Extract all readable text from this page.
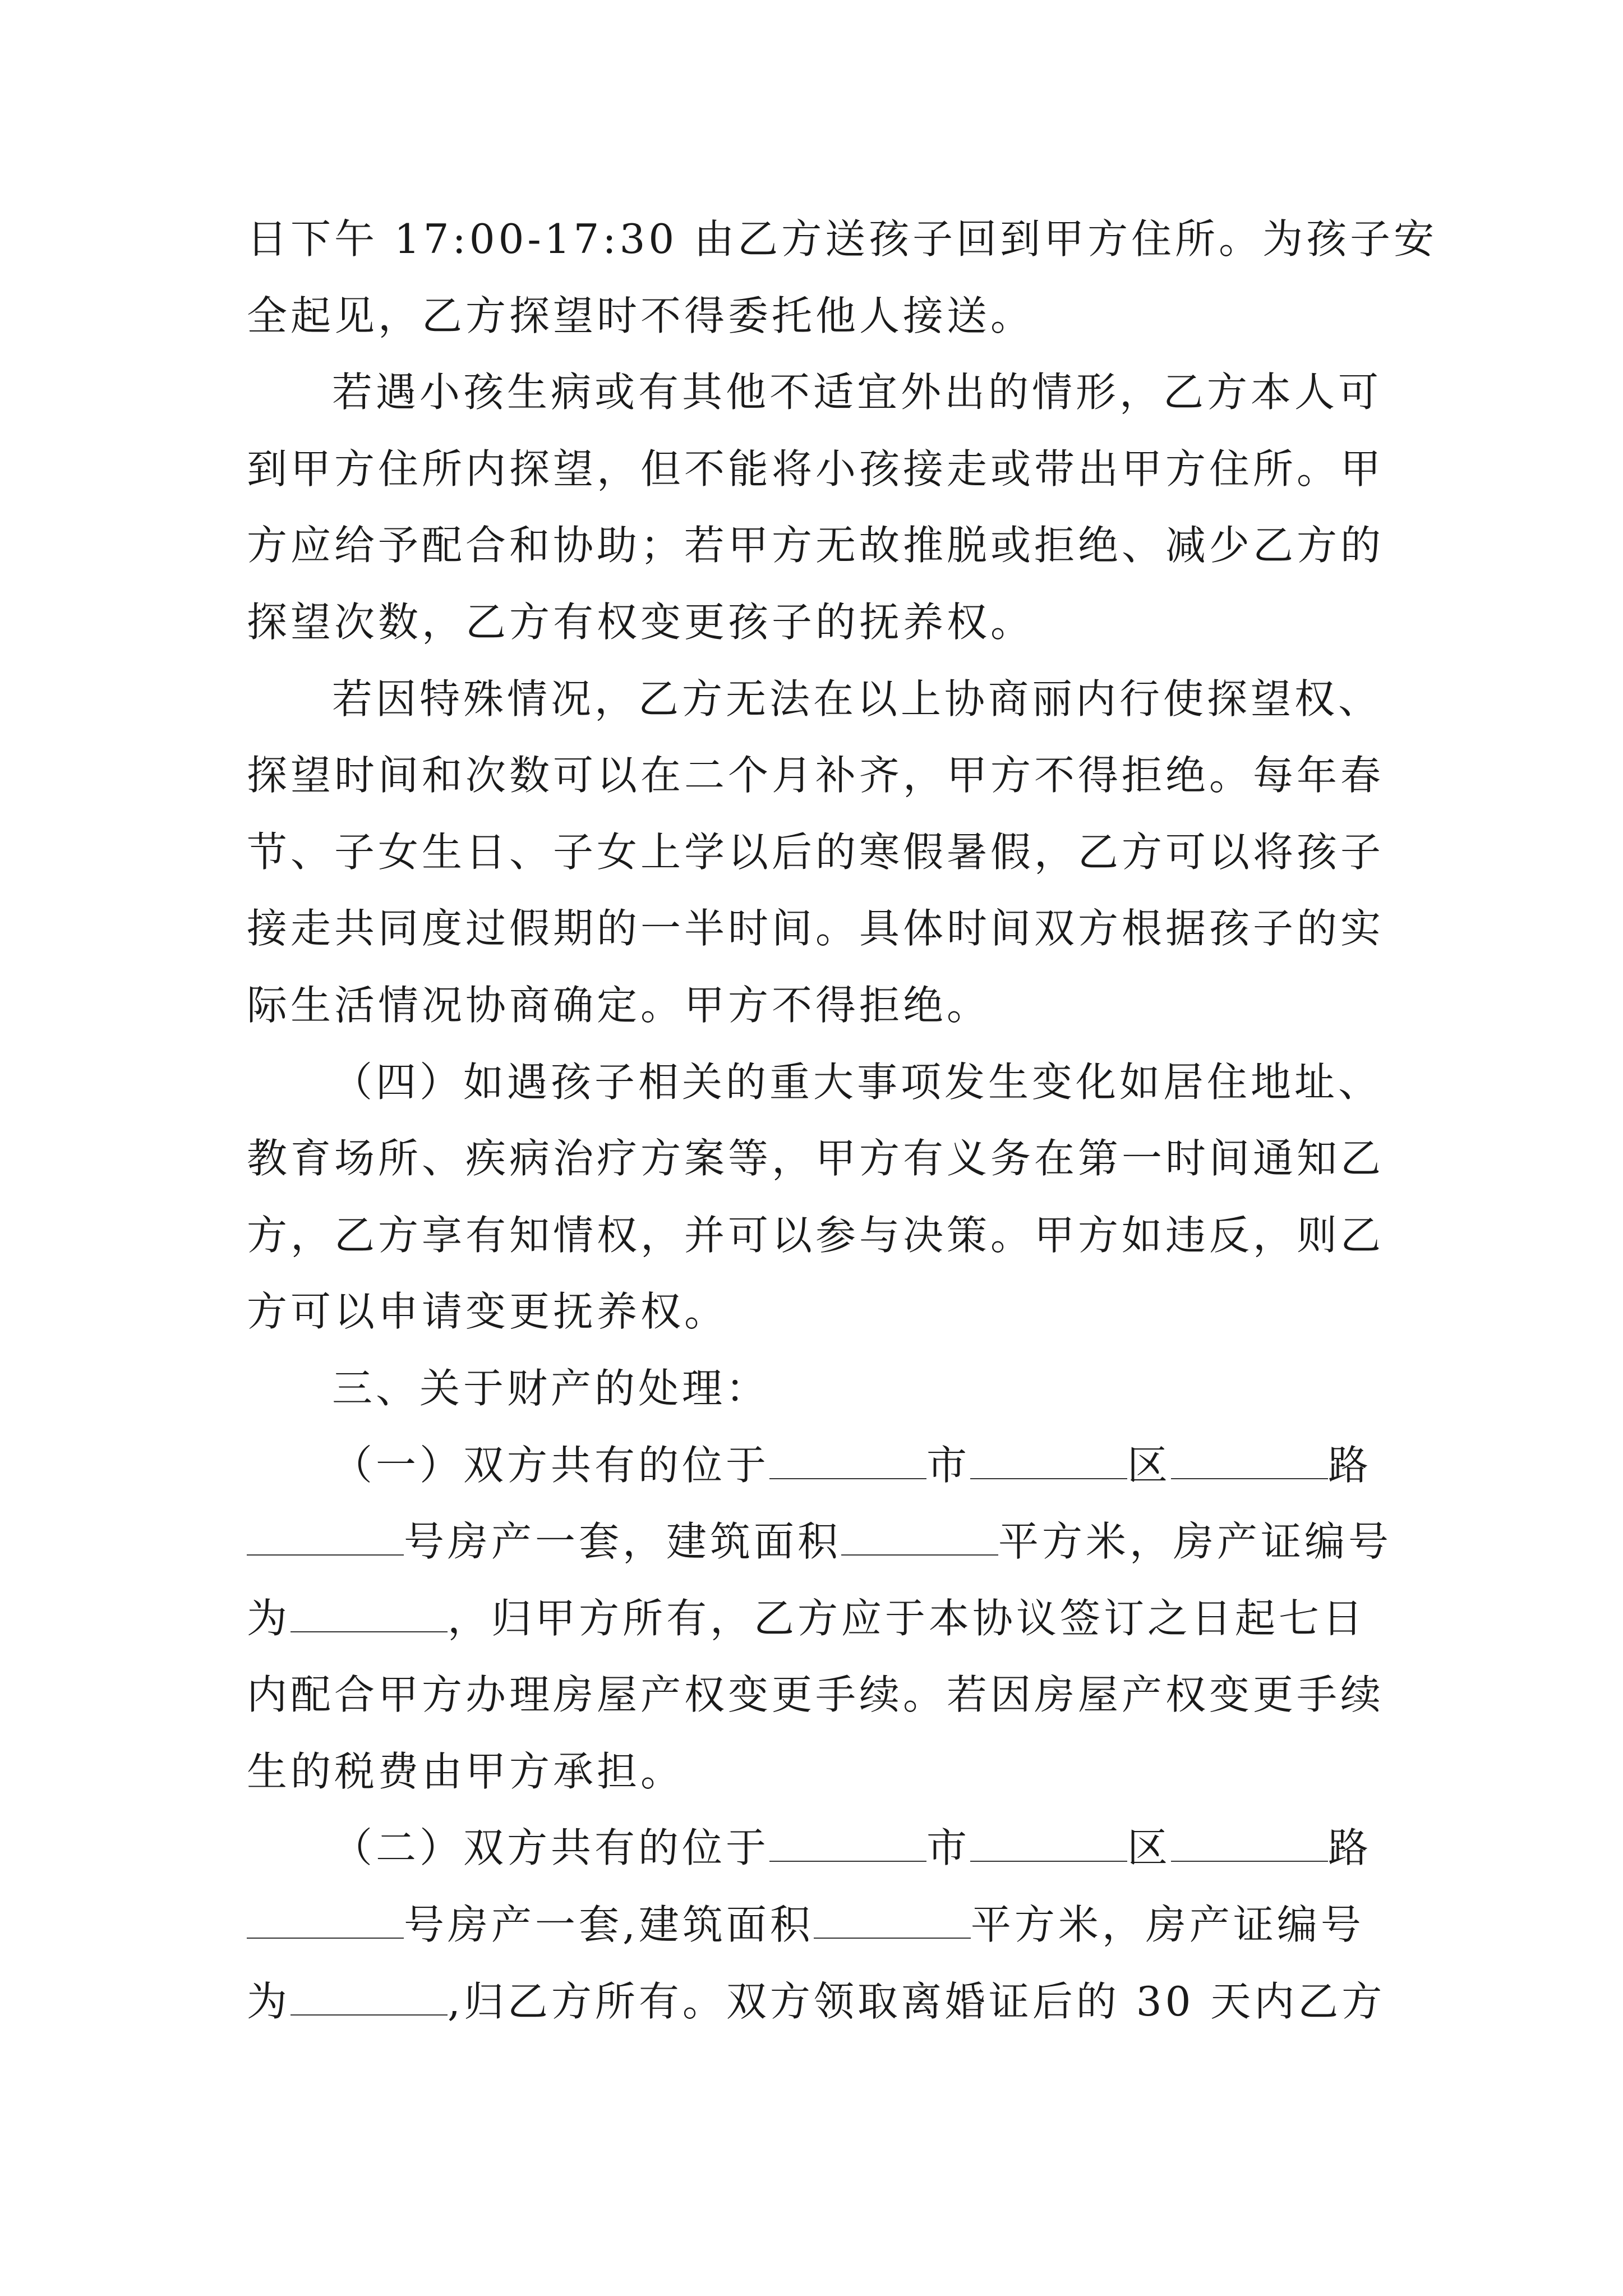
日下午 17:00-17:30 由乙方送孩子回到甲方住所。为孩子安
全起见，乙方探望时不得委托他人接送。
若遇小孩生病或有其他不适宜外出的情形，乙方本人可
到甲方住所内探望，但不能将小孩接走或带出甲方住所。甲
方应给予配合和协助；若甲方无故推脱或拒绝、减少乙方的
探望次数，乙方有权变更孩子的抚养权。
若因特殊情况，乙方无法在以上协商丽内行使探望权、
探望时间和次数可以在二个月补齐，甲方不得拒绝。每年春
节、子女生日、子女上学以后的寒假暑假，乙方可以将孩子
接走共同度过假期的一半时间。具体时间双方根据孩子的实
际生活情况协商确定。甲方不得拒绝。
（四）如遇孩子相关的重大事项发生变化如居住地址、
教育场所、疾病治疗方案等，甲方有义务在第一时间通知乙
方，乙方享有知情权，并可以参与决策。甲方如违反，则乙
方可以申请变更抚养权。
三、关于财产的处理：
（一）双方共有的位于	市	区	路
号房产一套，建筑面积	平方米，房产证编号
为	，归甲方所有，乙方应于本协议签订之日起七日
内配合甲方办理房屋产权变更手续。若因房屋产权变更手续
生的税费由甲方承担。
（二）双方共有的位于	市	区	路
号房产一套,建筑面积	平方米，房产证编号
为	,归乙方所有。双方领取离婚证后的 30 天内乙方
